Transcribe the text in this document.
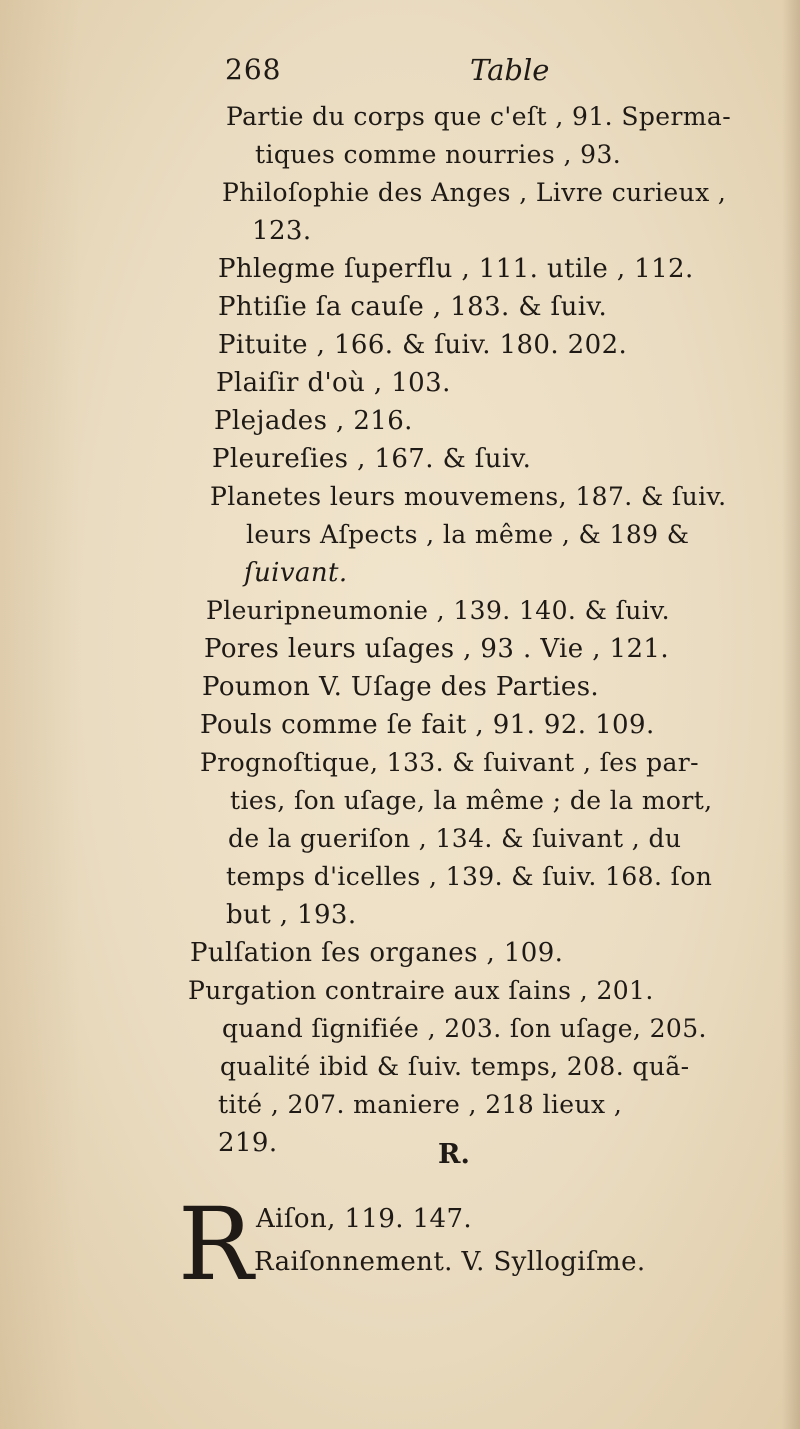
268	Table
Partie du corps que c'eſt , 91. Sperma-
tiques comme nourries , 93.
Philoſophie des Anges , Livre curieux ,
123.
Phlegme ſuperflu , 111. utile , 112.
Phtiſie ſa cauſe , 183. & ſuiv.
Pituite , 166. & ſuiv. 180. 202.
Plaiſir d'où , 103.
Plejades , 216.
Pleureſies , 167. & ſuiv.
Planetes leurs mouvemens, 187. & ſuiv.
leurs Aſpects , la même , & 189 &
ſuivant.
Pleuripneumonie , 139. 140. & ſuiv.
Pores leurs uſages , 93 . Vie , 121.
Poumon V. Uſage des Parties.
Pouls comme ſe fait , 91. 92. 109.
Prognoſtique, 133. & ſuivant , ſes par-
ties, ſon uſage, la même ; de la mort,
de la gueriſon , 134. & ſuivant , du
temps d'icelles , 139. & ſuiv. 168. ſon
but , 193.
Pulſation ſes organes , 109.
Purgation contraire aux ſains , 201.
quand ſignifiée , 203. ſon uſage, 205.
qualité ibid & ſuiv. temps, 208. quã-
tité , 207. maniere , 218 lieux ,
219.	R.
R Aiſon, 119. 147.
Raiſonnement. V. Syllogiſme.
